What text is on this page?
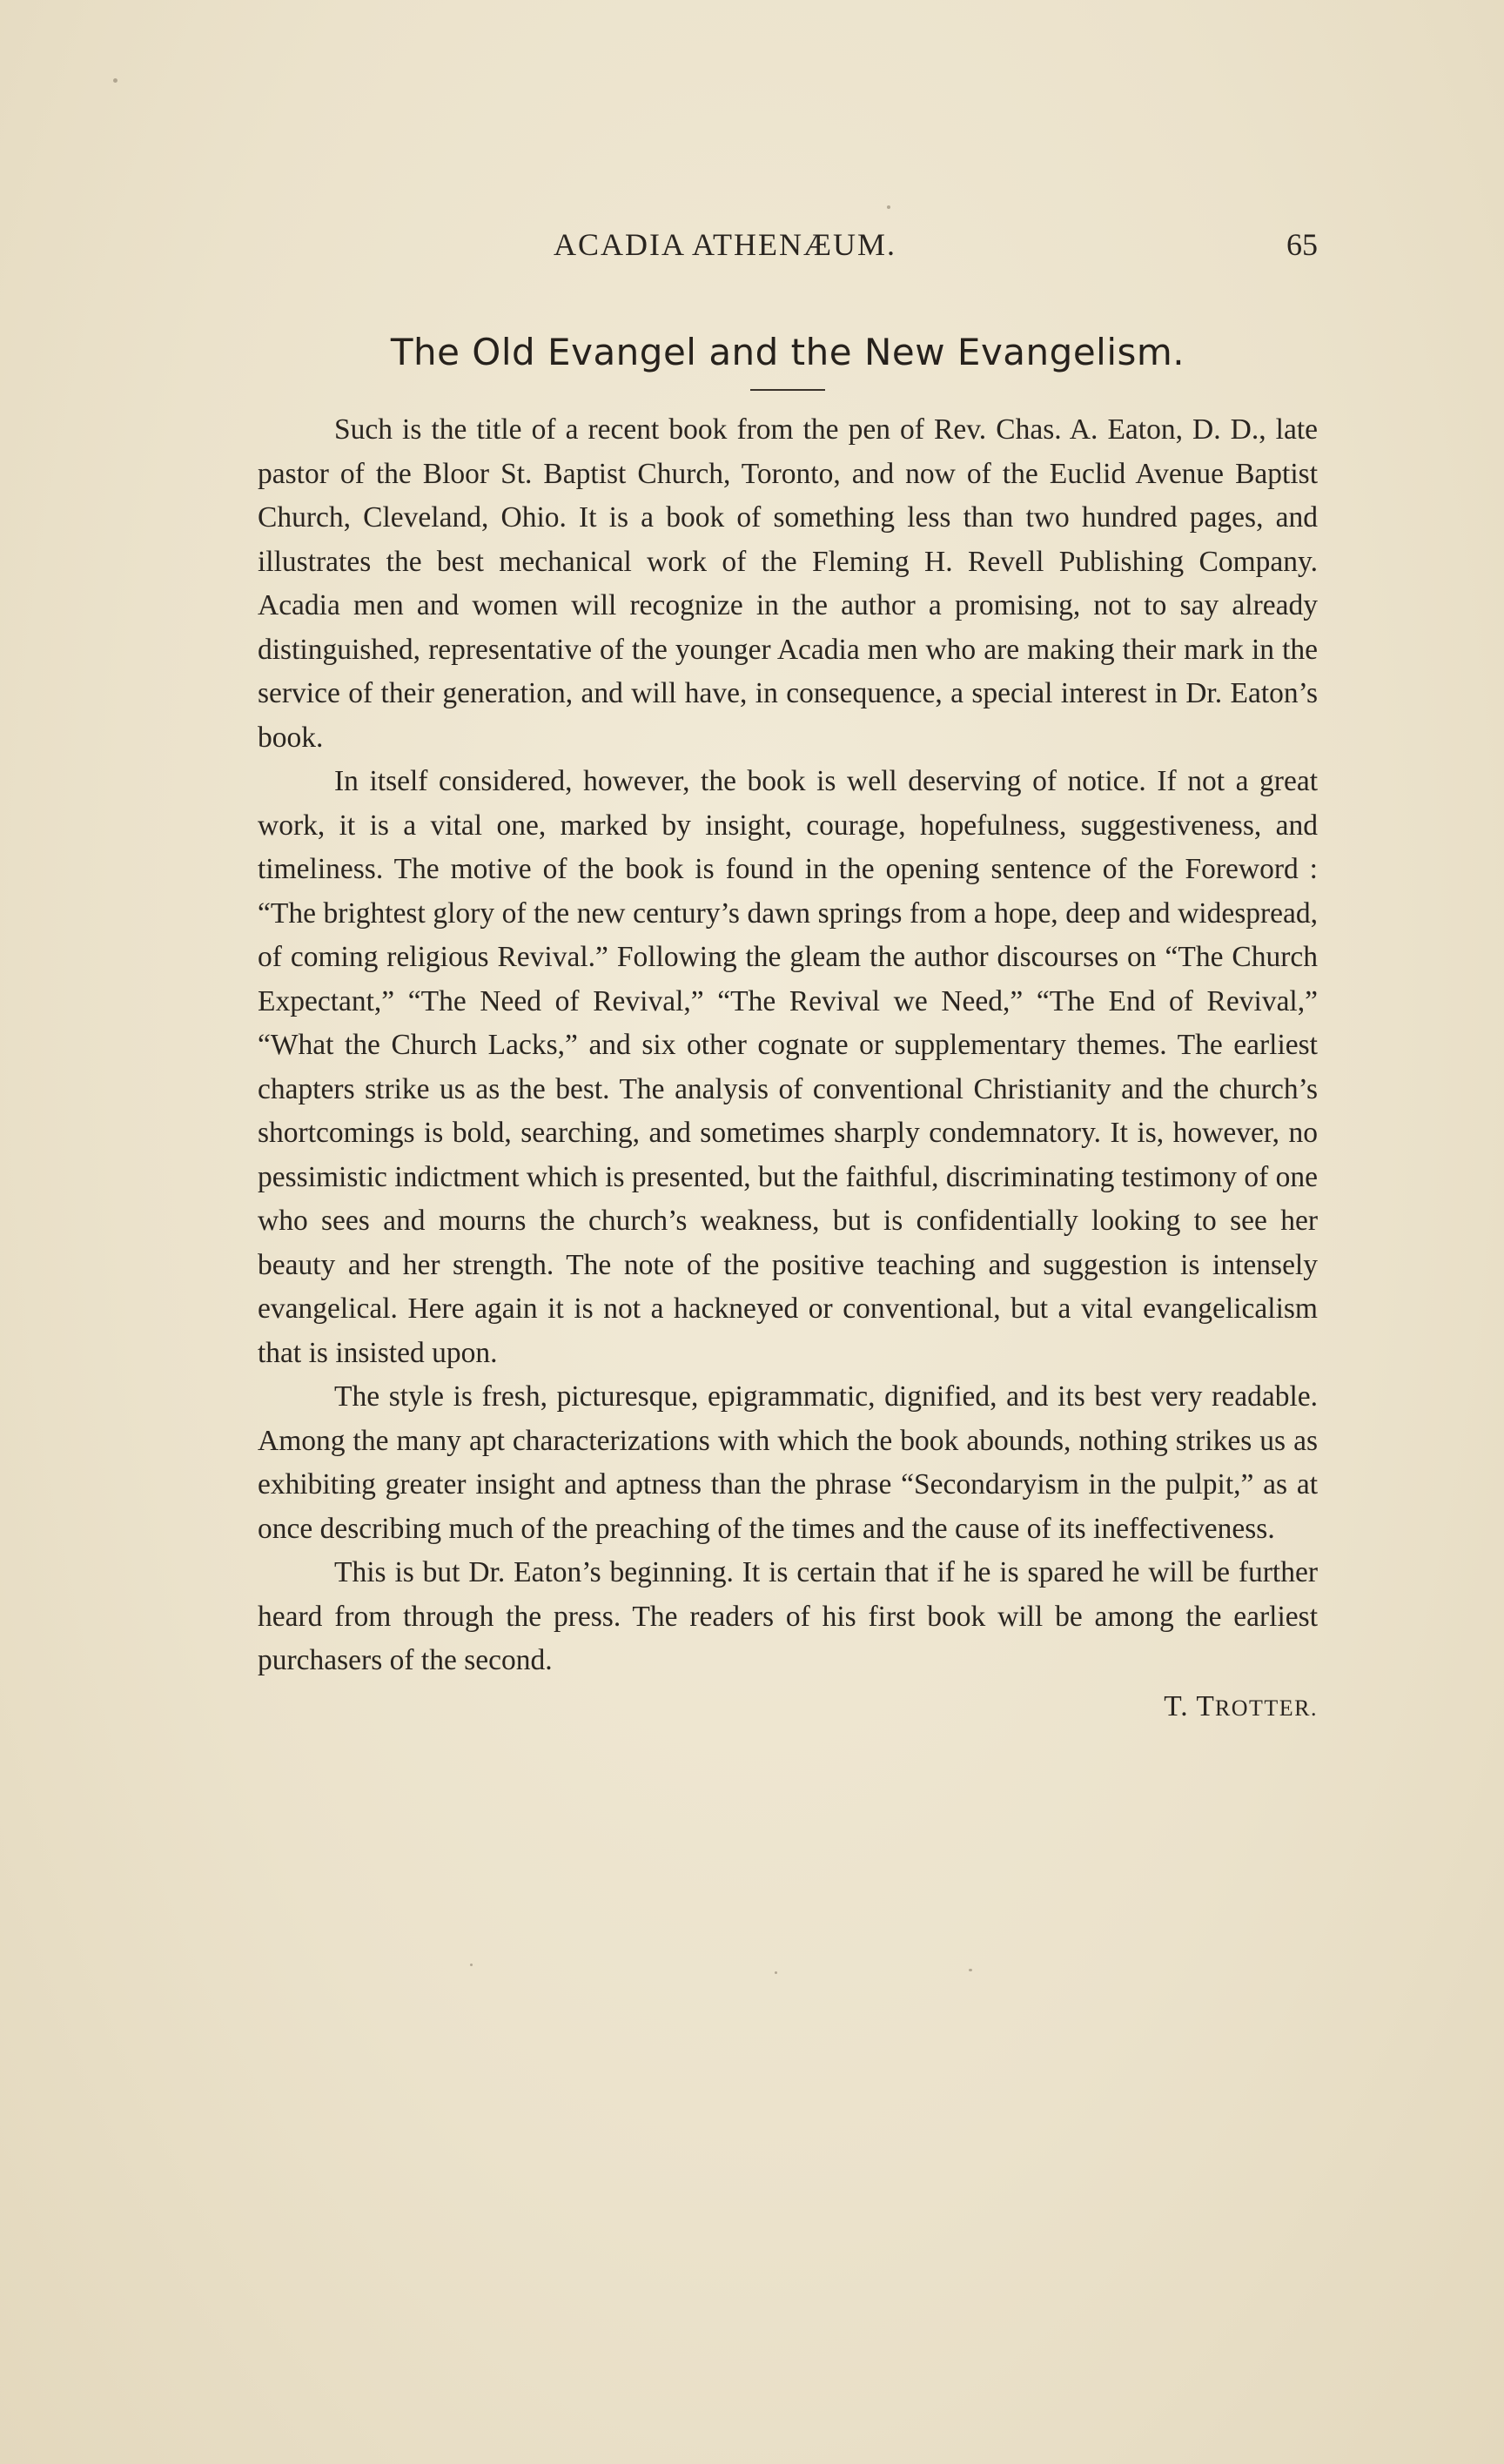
ACADIA ATHENÆUM.	65
The Old Evangel and the New Evangelism.

Such is the title of a recent book from the pen of Rev. Chas. A. Eaton, D. D., late pastor of the Bloor St. Baptist Church, Toronto, and now of the Euclid Avenue Baptist Church, Cleveland, Ohio. It is a book of something less than two hundred pages, and illustrates the best mechanical work of the Fleming H. Revell Publishing Company. Acadia men and women will recognize in the author a promising, not to say already distinguished, representative of the younger Acadia men who are making their mark in the service of their generation, and will have, in consequence, a special interest in Dr. Eaton’s book.

In itself considered, however, the book is well deserving of notice. If not a great work, it is a vital one, marked by insight, courage, hopefulness, suggestiveness, and timeliness. The motive of the book is found in the opening sentence of the Foreword : “The brightest glory of the new century’s dawn springs from a hope, deep and widespread, of coming religious Revival.” Following the gleam the author discourses on “The Church Expectant,” “The Need of Revival,” “The Revival we Need,” “The End of Revival,” “What the Church Lacks,” and six other cognate or supplementary themes. The earliest chapters strike us as the best. The analysis of conventional Christianity and the church’s shortcomings is bold, searching, and sometimes sharply condemnatory. It is, however, no pessimistic indictment which is presented, but the faithful, discriminating testimony of one who sees and mourns the church’s weakness, but is confidentially looking to see her beauty and her strength. The note of the positive teaching and suggestion is intensely evangelical. Here again it is not a hackneyed or conventional, but a vital evangelicalism that is insisted upon.

The style is fresh, picturesque, epigrammatic, dignified, and its best very readable. Among the many apt characterizations with which the book abounds, nothing strikes us as exhibiting greater insight and aptness than the phrase “Secondaryism in the pulpit,” as at once describing much of the preaching of the times and the cause of its ineffectiveness.

This is but Dr. Eaton’s beginning. It is certain that if he is spared he will be further heard from through the press. The readers of his first book will be among the earliest purchasers of the second.

T. TROTTER.
